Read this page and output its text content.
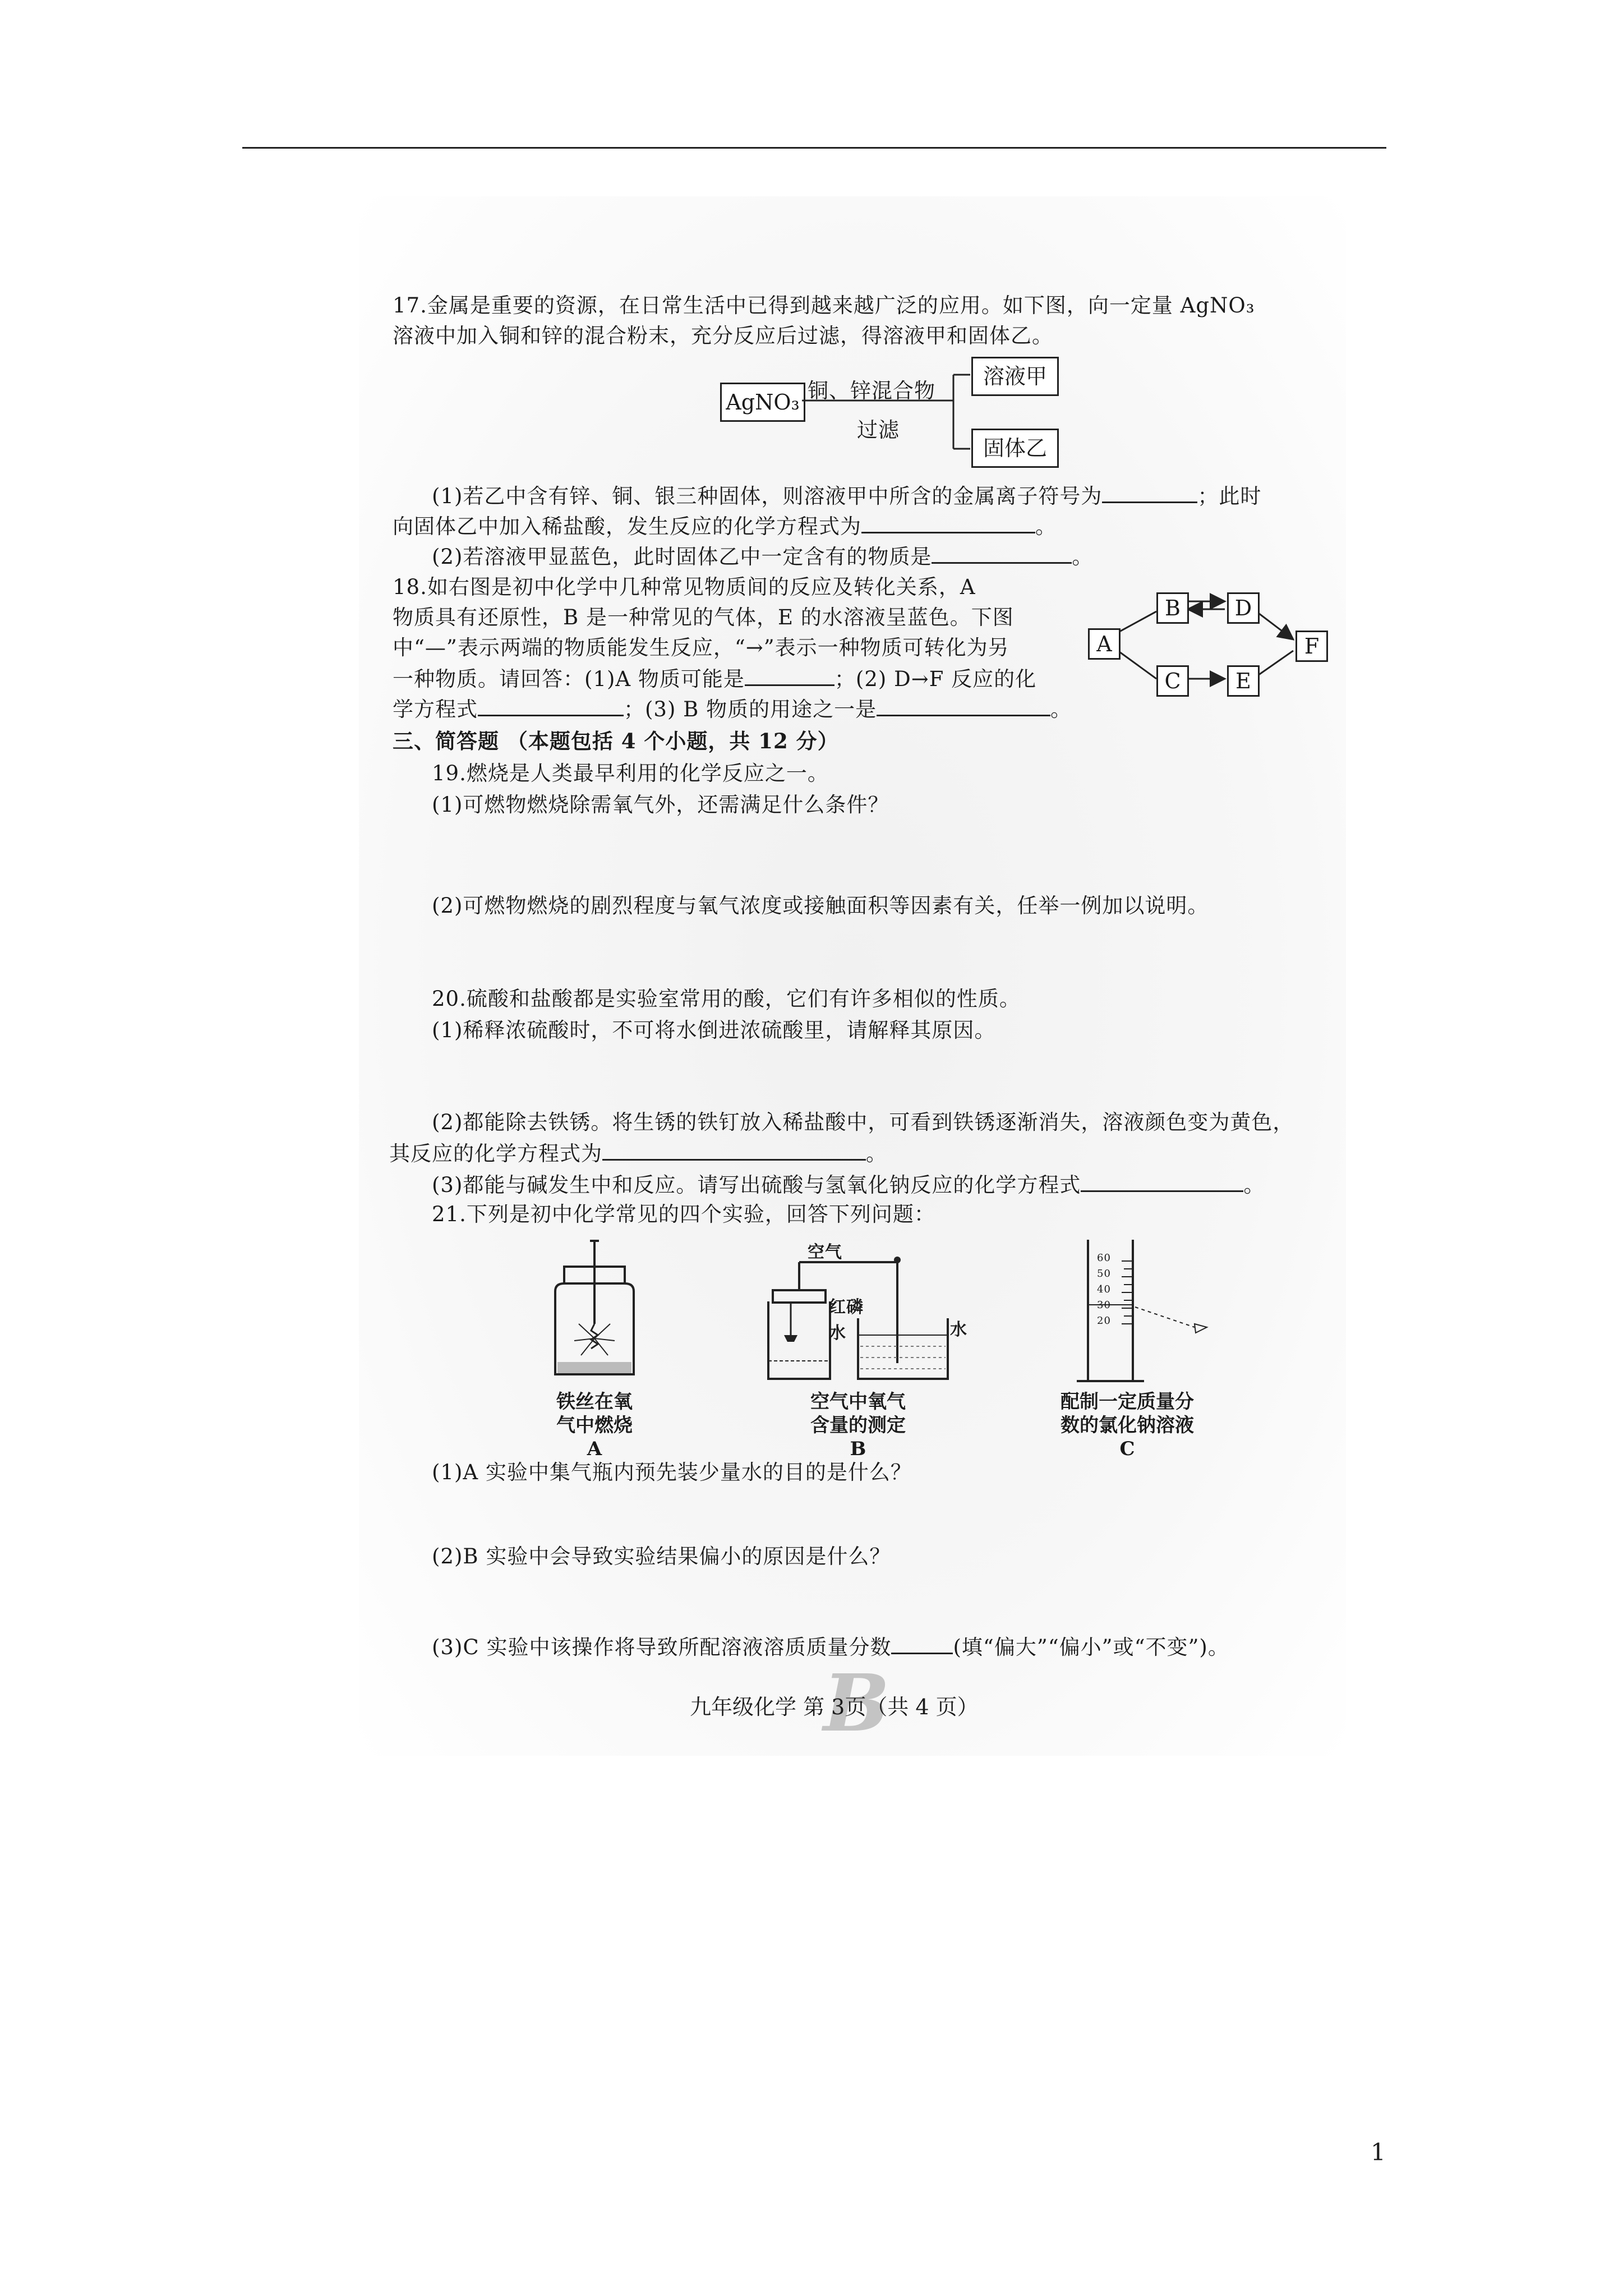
17.金属是重要的资源，在日常生活中已得到越来越广泛的应用。如下图，向一定量 AgNO₃
溶液中加入铜和锌的混合粉末，充分反应后过滤，得溶液甲和固体乙。
AgNO₃ 铜、锌混合物
过滤
溶液甲
固体乙
(1)若乙中含有锌、铜、银三种固体，则溶液甲中所含的金属离子符号为	；此时
向固体乙中加入稀盐酸，发生反应的化学方程式为	。
(2)若溶液甲显蓝色，此时固体乙中一定含有的物质是	。
18.如右图是初中化学中几种常见物质间的反应及转化关系，A
物质具有还原性，B 是一种常见的气体，E 的水溶液呈蓝色。下图
中“—”表示两端的物质能发生反应，“→”表示一种物质可转化为另
一种物质。请回答：(1)A 物质可能是	；(2) D→F 反应的化
学方程式	；(3) B 物质的用途之一是	。
A
B
C
D
E
F
三、简答题 （本题包括 4 个小题，共 12 分）
19.燃烧是人类最早利用的化学反应之一。
(1)可燃物燃烧除需氧气外，还需满足什么条件？
(2)可燃物燃烧的剧烈程度与氧气浓度或接触面积等因素有关，任举一例加以说明。
20.硫酸和盐酸都是实验室常用的酸，它们有许多相似的性质。
(1)稀释浓硫酸时，不可将水倒进浓硫酸里，请解释其原因。
(2)都能除去铁锈。将生锈的铁钉放入稀盐酸中，可看到铁锈逐渐消失，溶液颜色变为黄色，
其反应的化学方程式为	。
(3)都能与碱发生中和反应。请写出硫酸与氢氧化钠反应的化学方程式	。
21.下列是初中化学常见的四个实验，回答下列问题：
铁丝在氧
气中燃烧
A
空气
红磷
水	水
空气中氧气
含量的测定
B
60
50
40
30
20
配制一定质量分
数的氯化钠溶液
C
(1)A 实验中集气瓶内预先装少量水的目的是什么？
(2)B 实验中会导致实验结果偏小的原因是什么？
(3)C 实验中该操作将导致所配溶液溶质质量分数	(填“偏大”“偏小”或“不变”)。
B
九年级化学 第 3页（共 4 页）
1
